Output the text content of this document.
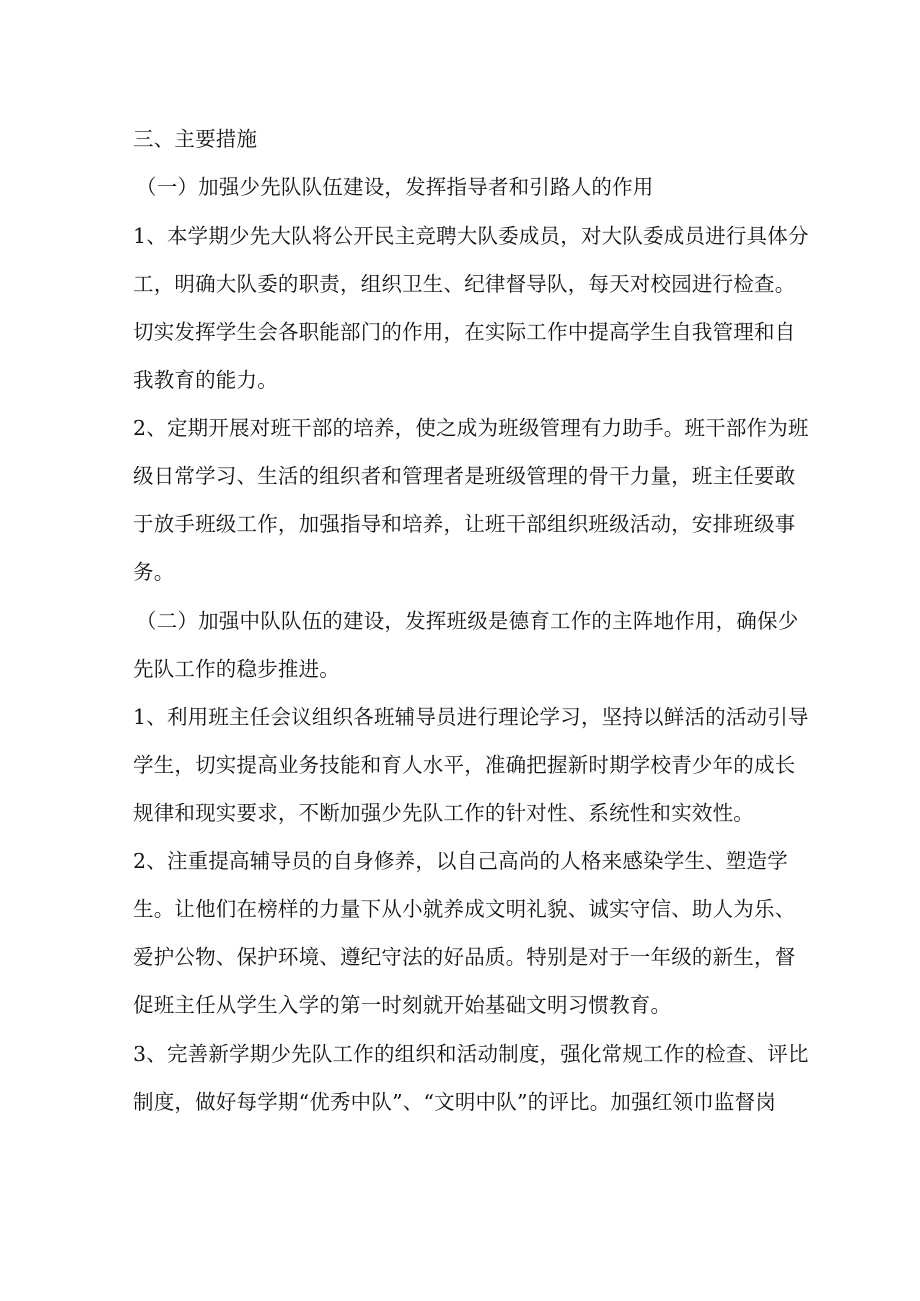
三、主要措施
（一）加强少先队队伍建设，发挥指导者和引路人的作用
1、本学期少先大队将公开民主竞聘大队委成员，对大队委成员进行具体分
工，明确大队委的职责，组织卫生、纪律督导队，每天对校园进行检查。
切实发挥学生会各职能部门的作用，在实际工作中提高学生自我管理和自
我教育的能力。
2、定期开展对班干部的培养，使之成为班级管理有力助手。班干部作为班
级日常学习、生活的组织者和管理者是班级管理的骨干力量，班主任要敢
于放手班级工作，加强指导和培养，让班干部组织班级活动，安排班级事
务。
（二）加强中队队伍的建设，发挥班级是德育工作的主阵地作用，确保少
先队工作的稳步推进。
1、利用班主任会议组织各班辅导员进行理论学习，坚持以鲜活的活动引导
学生，切实提高业务技能和育人水平，准确把握新时期学校青少年的成长
规律和现实要求，不断加强少先队工作的针对性、系统性和实效性。
2、注重提高辅导员的自身修养，以自己高尚的人格来感染学生、塑造学
生。让他们在榜样的力量下从小就养成文明礼貌、诚实守信、助人为乐、
爱护公物、保护环境、遵纪守法的好品质。特别是对于一年级的新生，督
促班主任从学生入学的第一时刻就开始基础文明习惯教育。
3、完善新学期少先队工作的组织和活动制度，强化常规工作的检查、评比
制度，做好每学期“优秀中队”、“文明中队”的评比。加强红领巾监督岗
